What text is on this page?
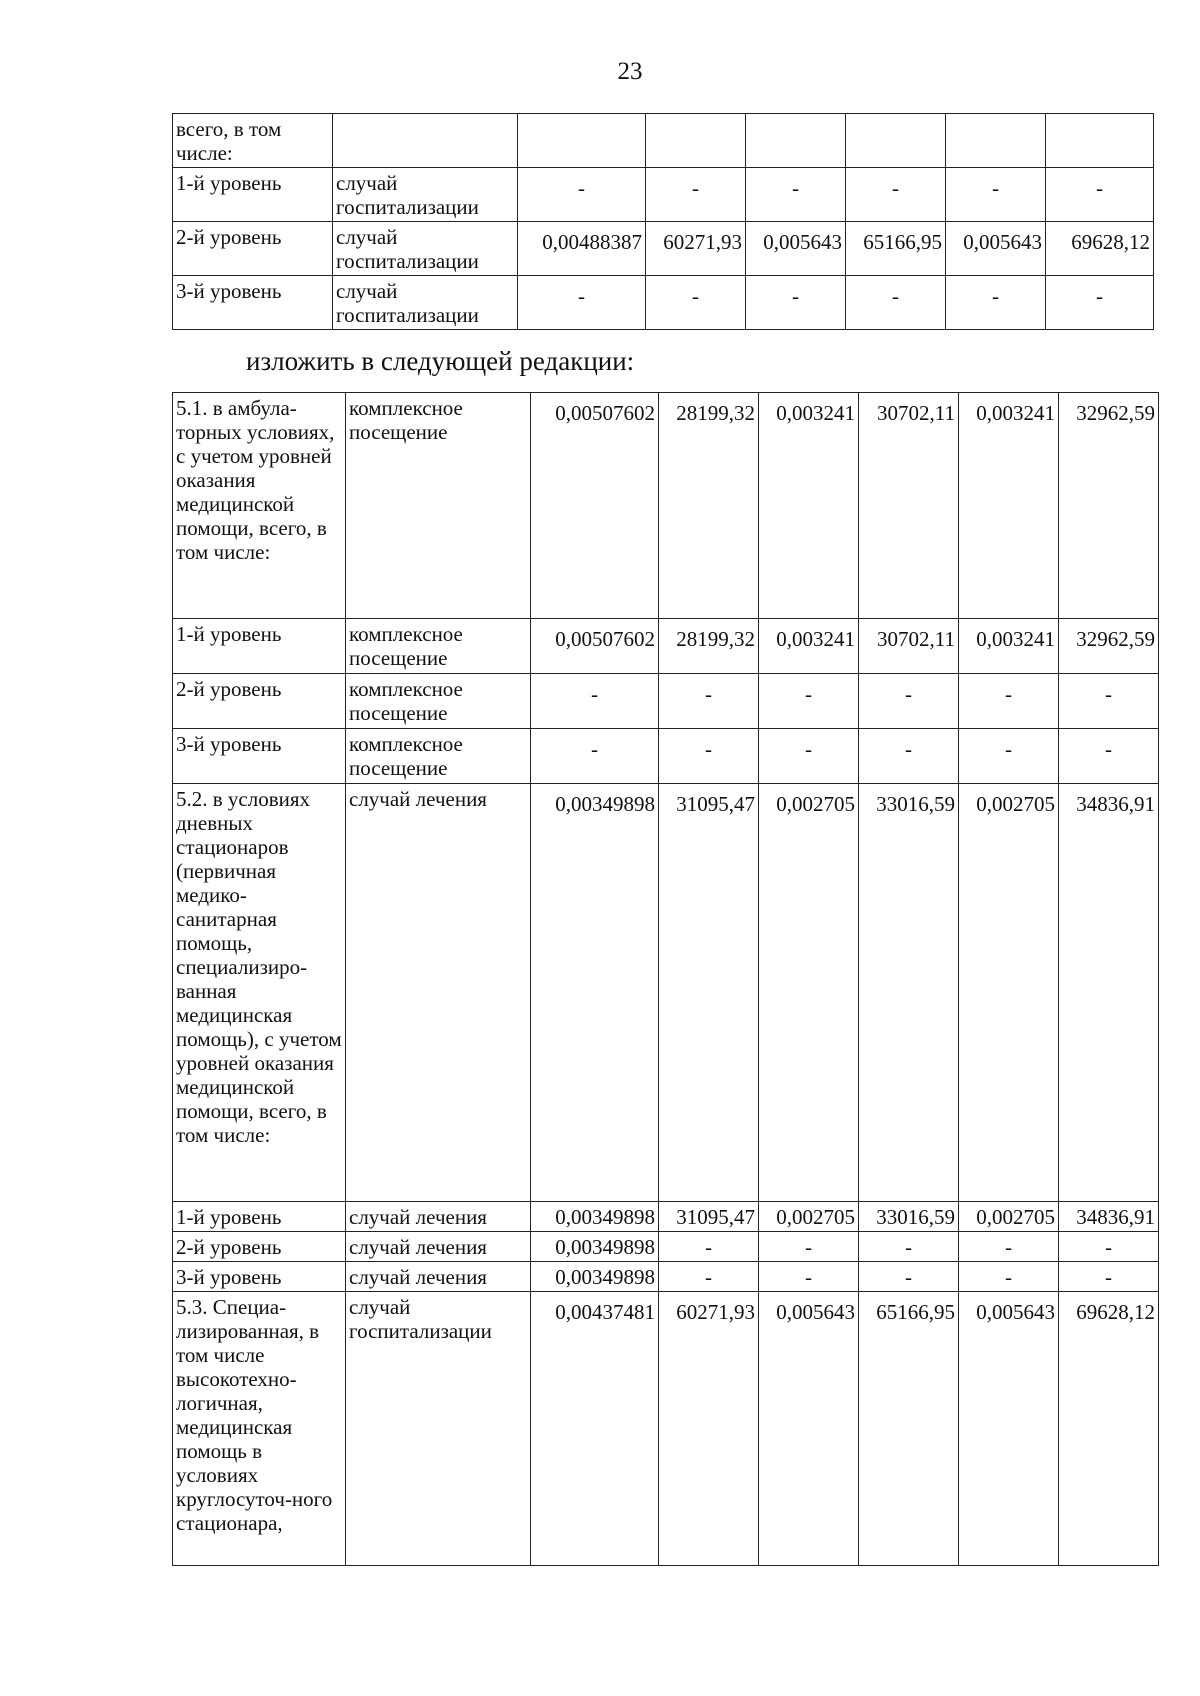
23
всего, в том числе:							
1-й уровень	случай госпитализации	-	-	-	-	-	-
2-й уровень	случай госпитализации	0,00488387	60271,93	0,005643	65166,95	0,005643	69628,12
3-й уровень	случай госпитализации	-	-	-	-	-	-
изложить в следующей редакции:
5.1. в амбула-торных условиях, с учетом уровней оказания медицинской помощи, всего, в том числе:	комплексное посещение	0,00507602	28199,32	0,003241	30702,11	0,003241	32962,59
1-й уровень	комплексное посещение	0,00507602	28199,32	0,003241	30702,11	0,003241	32962,59
2-й уровень	комплексное посещение	-	-	-	-	-	-
3-й уровень	комплексное посещение	-	-	-	-	-	-
5.2. в условиях дневных стационаров (первичная медико-санитарная помощь, специализиро-ванная медицинская помощь), с учетом уровней оказания медицинской помощи, всего, в том числе:	случай лечения	0,00349898	31095,47	0,002705	33016,59	0,002705	34836,91
1-й уровень	случай лечения	0,00349898	31095,47	0,002705	33016,59	0,002705	34836,91
2-й уровень	случай лечения	0,00349898	-	-	-	-	-
3-й уровень	случай лечения	0,00349898	-	-	-	-	-
5.3. Специа-лизированная, в том числе высокотехно-логичная, медицинская помощь в условиях круглосуточ-ного стационара,	случай госпитализации	0,00437481	60271,93	0,005643	65166,95	0,005643	69628,12
